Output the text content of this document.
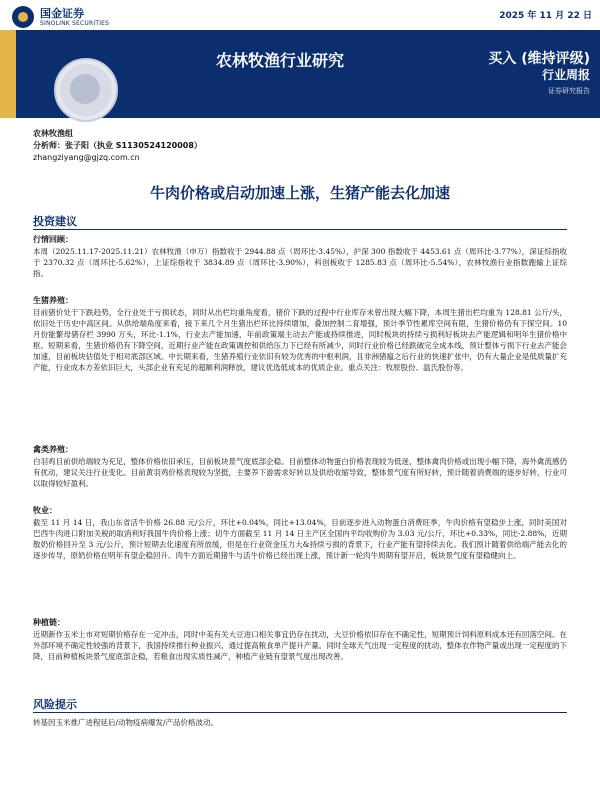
国金证券
SINOLINK SECURITIES
2025 年 11 月 22 日
农林牧渔行业研究	买入 (维持评级)
行业周报
证券研究报告
农林牧渔组
分析师：张子阳（执业 S1130524120008）
zhangziyang@gjzq.com.cn
牛肉价格或启动加速上涨，生猪产能去化加速
投资建议
行情回顾：

本周（2025.11.17-2025.11.21）农林牧渔（申万）指数收于 2944.88 点（周环比-3.45%），沪深 300 指数收于 4453.61 点（周环比-3.77%），深证综指收于 2370.32 点（周环比-5.62%），上证综指收于 3834.89 点（周环比-3.90%），科创板收于 1285.83 点（周环比-5.54%），农林牧渔行业指数跑输上证综指。

生猪养殖：

目前猪价处于下跌趋势，全行业处于亏损状态，同时从出栏均重角度看，猪价下跌的过程中行业库存未曾出现大幅下降，本周生猪出栏均重为 128.81 公斤/头，依旧处于历史中高区间。从供给端角度来看，接下来几个月生猪出栏环比持续增加，叠加控制二育增强，预计季节性累库空间有限，生猪价格仍有下探空间。10 月份能繁母猪存栏 3990 万头，环比-1.1%，行业去产能加速，年前政策端主动去产能或持续推进，同时板块的持续亏损利好板块去产能逻辑和明年生猪价格中枢。短期来看，生猪价格仍有下降空间，近期行业产能在政策调控和供给压力下已经有所减少，同时行业价格已经跌破完全成本线，预计整体亏损下行业去产能会加速，目前板块估值处于相对底部区域。中长期来看，生猪养殖行业依旧有较为优秀的中枢利润，且非洲猪瘟之后行业的快速扩张中，仍有大量企业是低质量扩充产能，行业成本方差依旧巨大，头部企业有充足的超额利润释放，建议优选低成本的优质企业。重点关注：牧原股份、温氏股份等。

禽类养殖：

白羽鸡目前供给端较为充足，整体价格依旧承压，目前板块景气度底部企稳。目前整体动物蛋白价格表现较为低迷，整体禽肉价格或出现小幅下降，海外禽流感仍有扰动，建议关注行业变化。目前黄羽鸡价格表现较为坚挺，主要养下游需求好转以及供给收缩导致，整体景气度有所好转，预计随着消费端的逐步好转，行业可以取得较好盈利。

牧业：

截至 11 月 14 日，我山东省活牛价格 26.88 元/公斤，环比+0.04%，同比+13.04%，目前逐步进入动物蛋白消费旺季，牛肉价格有望稳步上涨，同时美国对巴西牛肉进口附加关税的取消利好我国牛肉价格上涨；切牛方面截至 11 月 14 日主产区全国内平均收购价为 3.03 元/公斤，环比+0.33%，同比-2.88%，近期散奶价格回升至 3 元/公斤，预计短期去化速度有所放缓，但是在行业资金压力大&持续亏损的背景下，行业产能有望持续去化。我们预计随着供给端产能去化的逐步传导，原奶价格在明年有望企稳回升。肉牛方面近期猪牛与活牛价格已经出现上涨，预计新一轮肉牛周期有望开启，板块景气度有望稳健向上。

种植链：

近期新作玉米上市对短期价格存在一定冲击，同时中美有关大豆进口相关事宜仍存在扰动，大豆价格依旧存在不确定性，短期预计饲料原料成本还有回落空间。在外部环境不确定性较强的背景下，我国持续推行种业振兴、通过提高粮食单产提升产量。同时全球天气出现一定程度的扰动，整体农作物产量或出现一定程度的下降，目前种植板块景气度底部企稳，若粮食出现实质性减产，种植产业链有望景气度出现改善。

风险提示

转基因玉米推广进程延后/动物疫病爆发/产品价格波动。
